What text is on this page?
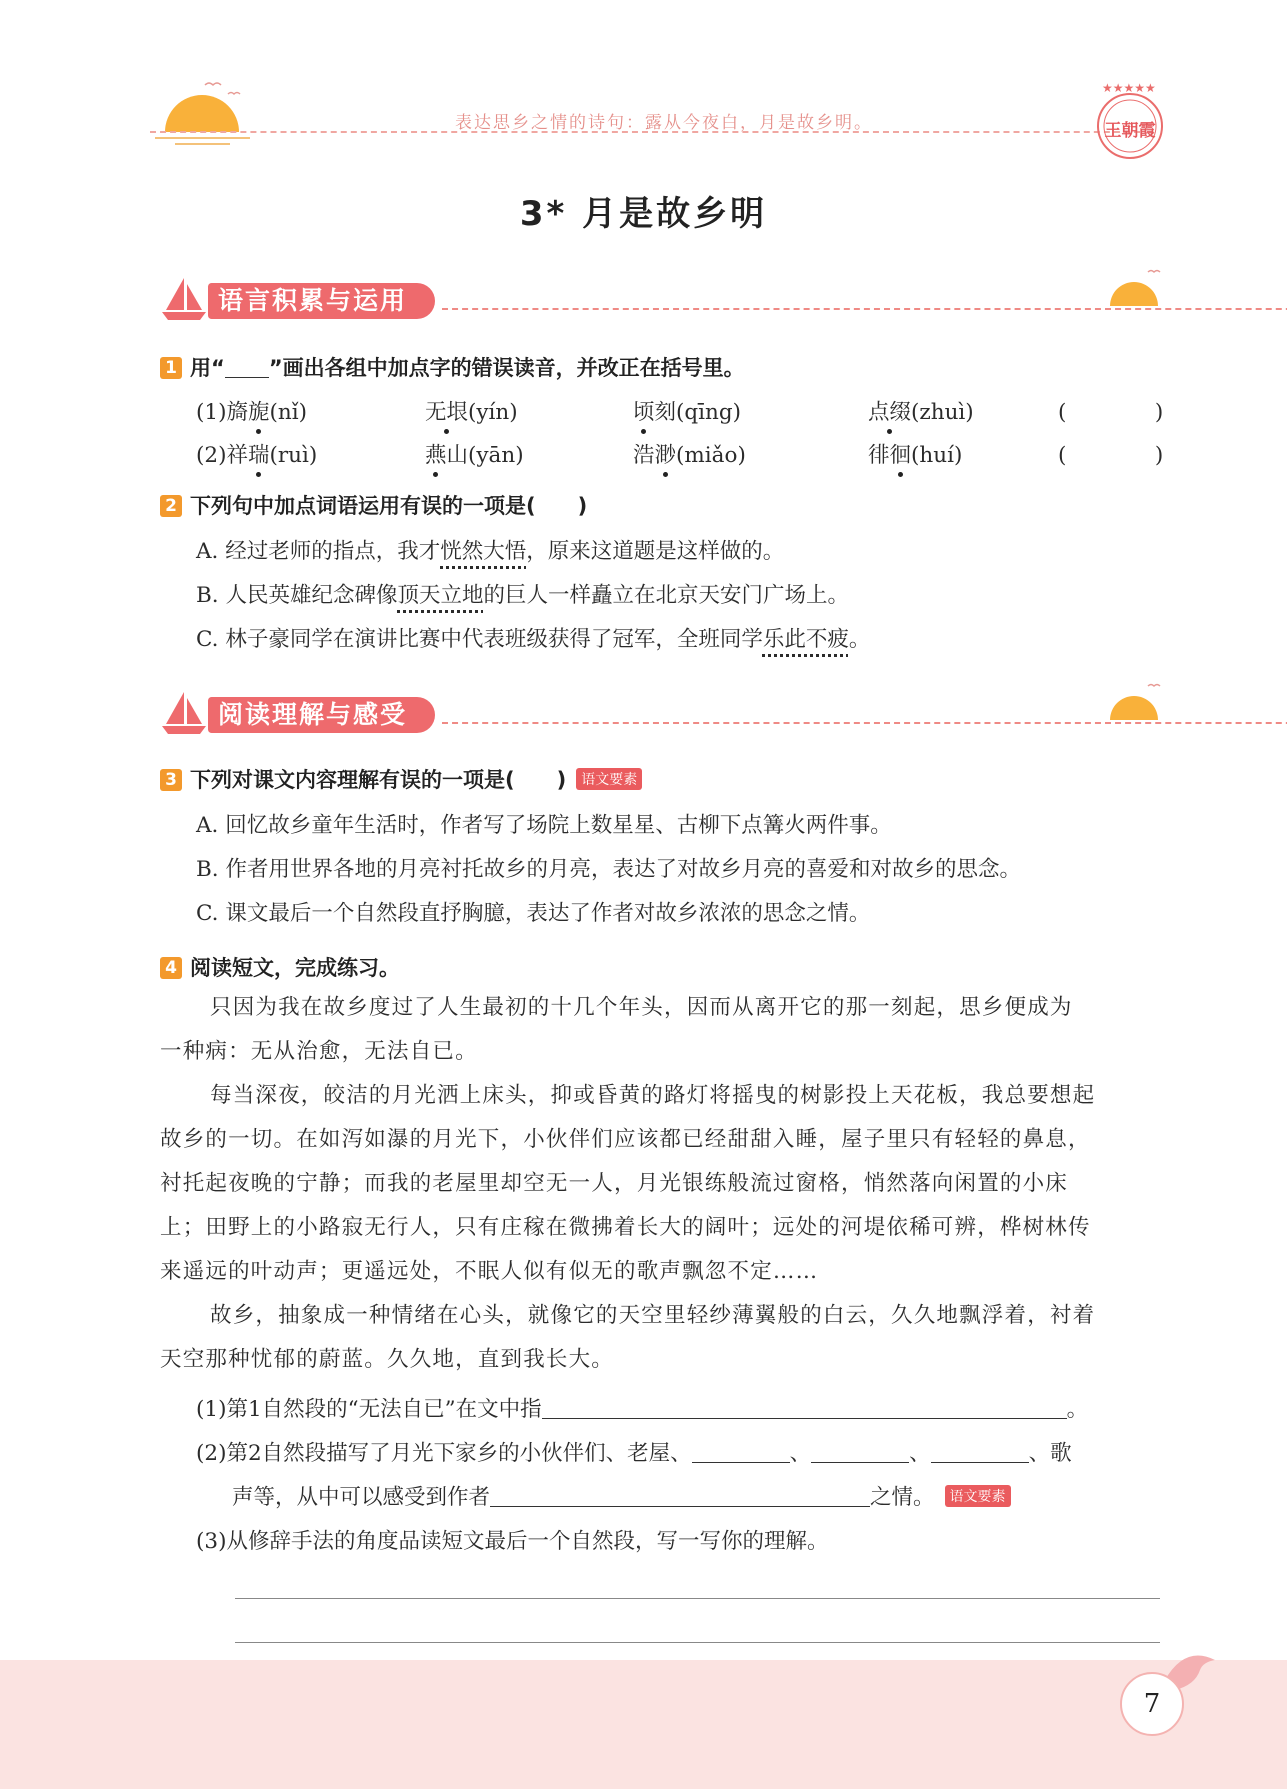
表达思乡之情的诗句：露从今夜白，月是故乡明。
★★★★★
王朝霞
3* 月是故乡明
语言积累与运用
1 用“ ”画出各组中加点字的错误读音，并改正在括号里。
(1)旖旎(nǐ)	无垠(yín)	顷刻(qīng)	点缀(zhuì)	(　　　)
(2)祥瑞(ruì)	燕山(yān)	浩渺(miǎo)	徘徊(huí)	(　　　)
2 下列句中加点词语运用有误的一项是(　　)
A. 经过老师的指点，我才恍然大悟，原来这道题是这样做的。
B. 人民英雄纪念碑像顶天立地的巨人一样矗立在北京天安门广场上。
C. 林子豪同学在演讲比赛中代表班级获得了冠军，全班同学乐此不疲。
阅读理解与感受
3 下列对课文内容理解有误的一项是(　　) 语文要素
A. 回忆故乡童年生活时，作者写了场院上数星星、古柳下点篝火两件事。
B. 作者用世界各地的月亮衬托故乡的月亮，表达了对故乡月亮的喜爱和对故乡的思念。
C. 课文最后一个自然段直抒胸臆，表达了作者对故乡浓浓的思念之情。
4 阅读短文，完成练习。
只因为我在故乡度过了人生最初的十几个年头，因而从离开它的那一刻起，思乡便成为
一种病：无从治愈，无法自已。
每当深夜，皎洁的月光洒上床头，抑或昏黄的路灯将摇曳的树影投上天花板，我总要想起
故乡的一切。在如泻如瀑的月光下，小伙伴们应该都已经甜甜入睡，屋子里只有轻轻的鼻息，
衬托起夜晚的宁静；而我的老屋里却空无一人，月光银练般流过窗格，悄然落向闲置的小床
上；田野上的小路寂无行人，只有庄稼在微拂着长大的阔叶；远处的河堤依稀可辨，桦树林传
来遥远的叶动声；更遥远处，不眠人似有似无的歌声飘忽不定……
故乡，抽象成一种情绪在心头，就像它的天空里轻纱薄翼般的白云，久久地飘浮着，衬着
天空那种忧郁的蔚蓝。久久地，直到我长大。
(1)第1自然段的“无法自已”在文中指	。
(2)第2自然段描写了月光下家乡的小伙伴们、老屋、	、	、	、歌
声等，从中可以感受到作者	之情。 语文要素
(3)从修辞手法的角度品读短文最后一个自然段，写一写你的理解。
7
